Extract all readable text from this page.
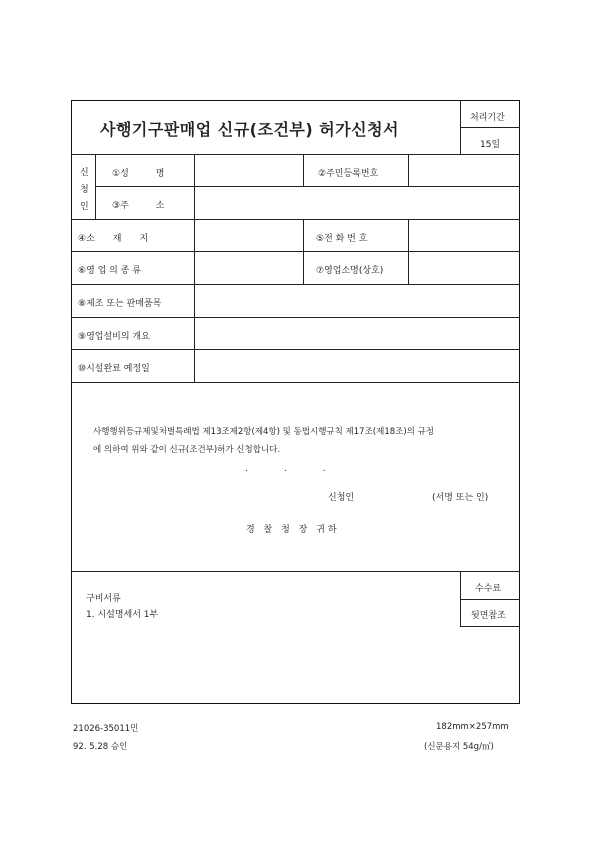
사행기구판매업 신규(조건부) 허가신청서
처리기간
15일
신
청
인
①성　　　명	②주민등록번호
③주　　　소
④소　　재　　지	⑤전 화 번 호
⑥영 업 의 종 류	⑦영업소명(상호)
⑧제조 또는 판매품목
⑨영업설비의 개요
⑩시설완료 예정일
사행행위등규제및처벌특례법 제13조제2항(제4항) 및 동법시행규칙 제17조(제18조)의 규정
에 의하여 위와 같이 신규(조건부)허가 신청합니다.
.　　　　.　　　　.
신청인	(서명 또는 인)
경 찰 청 장 귀하
구비서류
1. 시설명세서 1부
수수료
뒷면참조
21026-35011민
92. 5.28 승인
182mm×257mm
(신문용지 54g/㎡)
